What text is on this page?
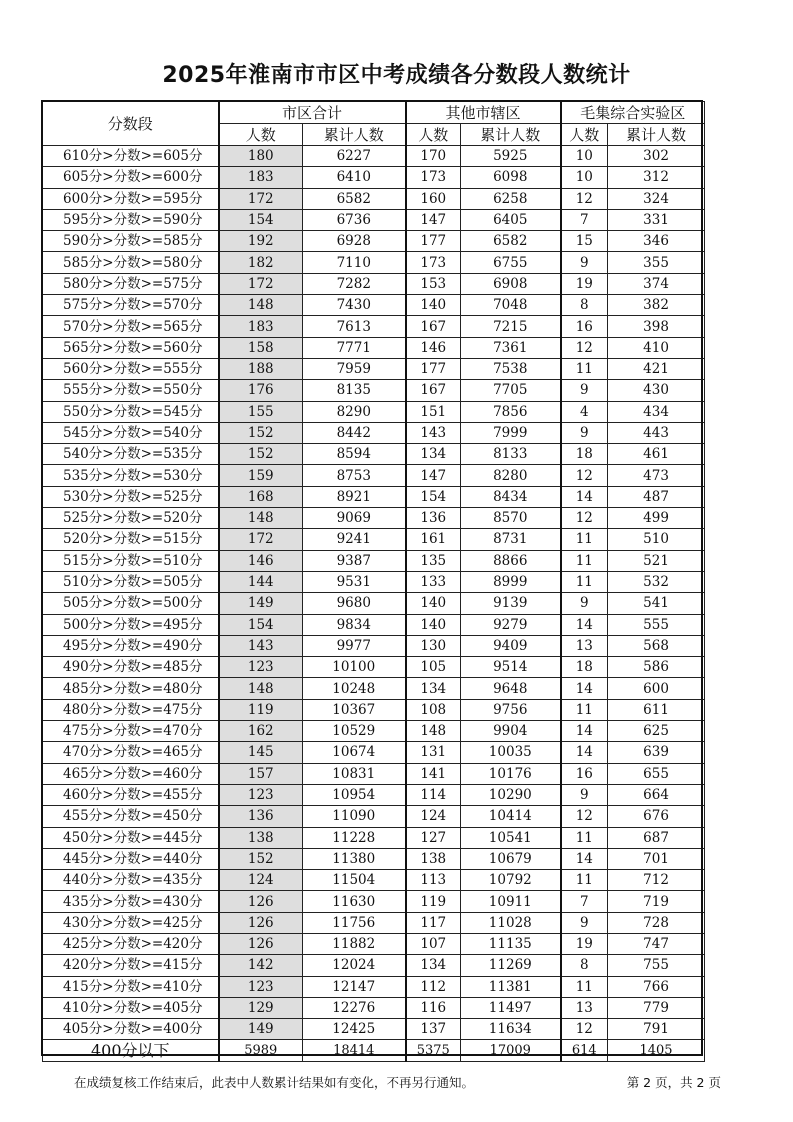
2025年淮南市市区中考成绩各分数段人数统计
分数段	市区合计		其他市辖区		毛集综合实验区	
	人数	累计人数	人数	累计人数	人数	累计人数
610分>分数>=605分	180	6227	170	5925	10	302
605分>分数>=600分	183	6410	173	6098	10	312
600分>分数>=595分	172	6582	160	6258	12	324
595分>分数>=590分	154	6736	147	6405	7	331
590分>分数>=585分	192	6928	177	6582	15	346
585分>分数>=580分	182	7110	173	6755	9	355
580分>分数>=575分	172	7282	153	6908	19	374
575分>分数>=570分	148	7430	140	7048	8	382
570分>分数>=565分	183	7613	167	7215	16	398
565分>分数>=560分	158	7771	146	7361	12	410
560分>分数>=555分	188	7959	177	7538	11	421
555分>分数>=550分	176	8135	167	7705	9	430
550分>分数>=545分	155	8290	151	7856	4	434
545分>分数>=540分	152	8442	143	7999	9	443
540分>分数>=535分	152	8594	134	8133	18	461
535分>分数>=530分	159	8753	147	8280	12	473
530分>分数>=525分	168	8921	154	8434	14	487
525分>分数>=520分	148	9069	136	8570	12	499
520分>分数>=515分	172	9241	161	8731	11	510
515分>分数>=510分	146	9387	135	8866	11	521
510分>分数>=505分	144	9531	133	8999	11	532
505分>分数>=500分	149	9680	140	9139	9	541
500分>分数>=495分	154	9834	140	9279	14	555
495分>分数>=490分	143	9977	130	9409	13	568
490分>分数>=485分	123	10100	105	9514	18	586
485分>分数>=480分	148	10248	134	9648	14	600
480分>分数>=475分	119	10367	108	9756	11	611
475分>分数>=470分	162	10529	148	9904	14	625
470分>分数>=465分	145	10674	131	10035	14	639
465分>分数>=460分	157	10831	141	10176	16	655
460分>分数>=455分	123	10954	114	10290	9	664
455分>分数>=450分	136	11090	124	10414	12	676
450分>分数>=445分	138	11228	127	10541	11	687
445分>分数>=440分	152	11380	138	10679	14	701
440分>分数>=435分	124	11504	113	10792	11	712
435分>分数>=430分	126	11630	119	10911	7	719
430分>分数>=425分	126	11756	117	11028	9	728
425分>分数>=420分	126	11882	107	11135	19	747
420分>分数>=415分	142	12024	134	11269	8	755
415分>分数>=410分	123	12147	112	11381	11	766
410分>分数>=405分	129	12276	116	11497	13	779
405分>分数>=400分	149	12425	137	11634	12	791
400分以下	5989	18414	5375	17009	614	1405
在成绩复核工作结束后，此表中人数累计结果如有变化，不再另行通知。	第 2 页，共 2 页
